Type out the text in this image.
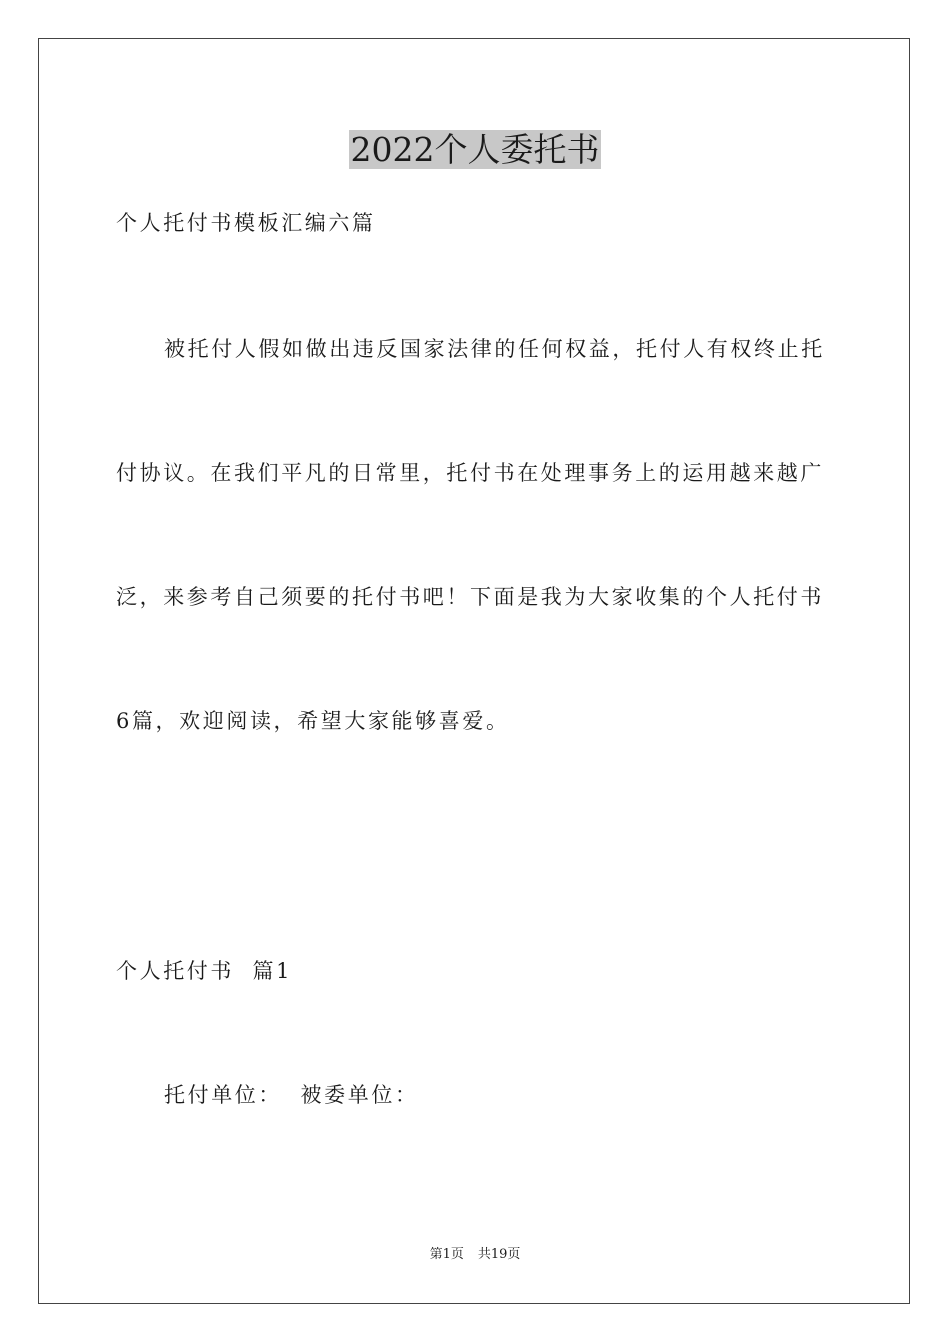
2022个人委托书
个人托付书模板汇编六篇
被托付人假如做出违反国家法律的任何权益，托付人有权终止托
付协议。在我们平凡的日常里，托付书在处理事务上的运用越来越广
泛，来参考自己须要的托付书吧！下面是我为大家收集的个人托付书
6篇，欢迎阅读，希望大家能够喜爱。
个人托付书  篇1
托付单位：  被委单位：
第1页 共19页
